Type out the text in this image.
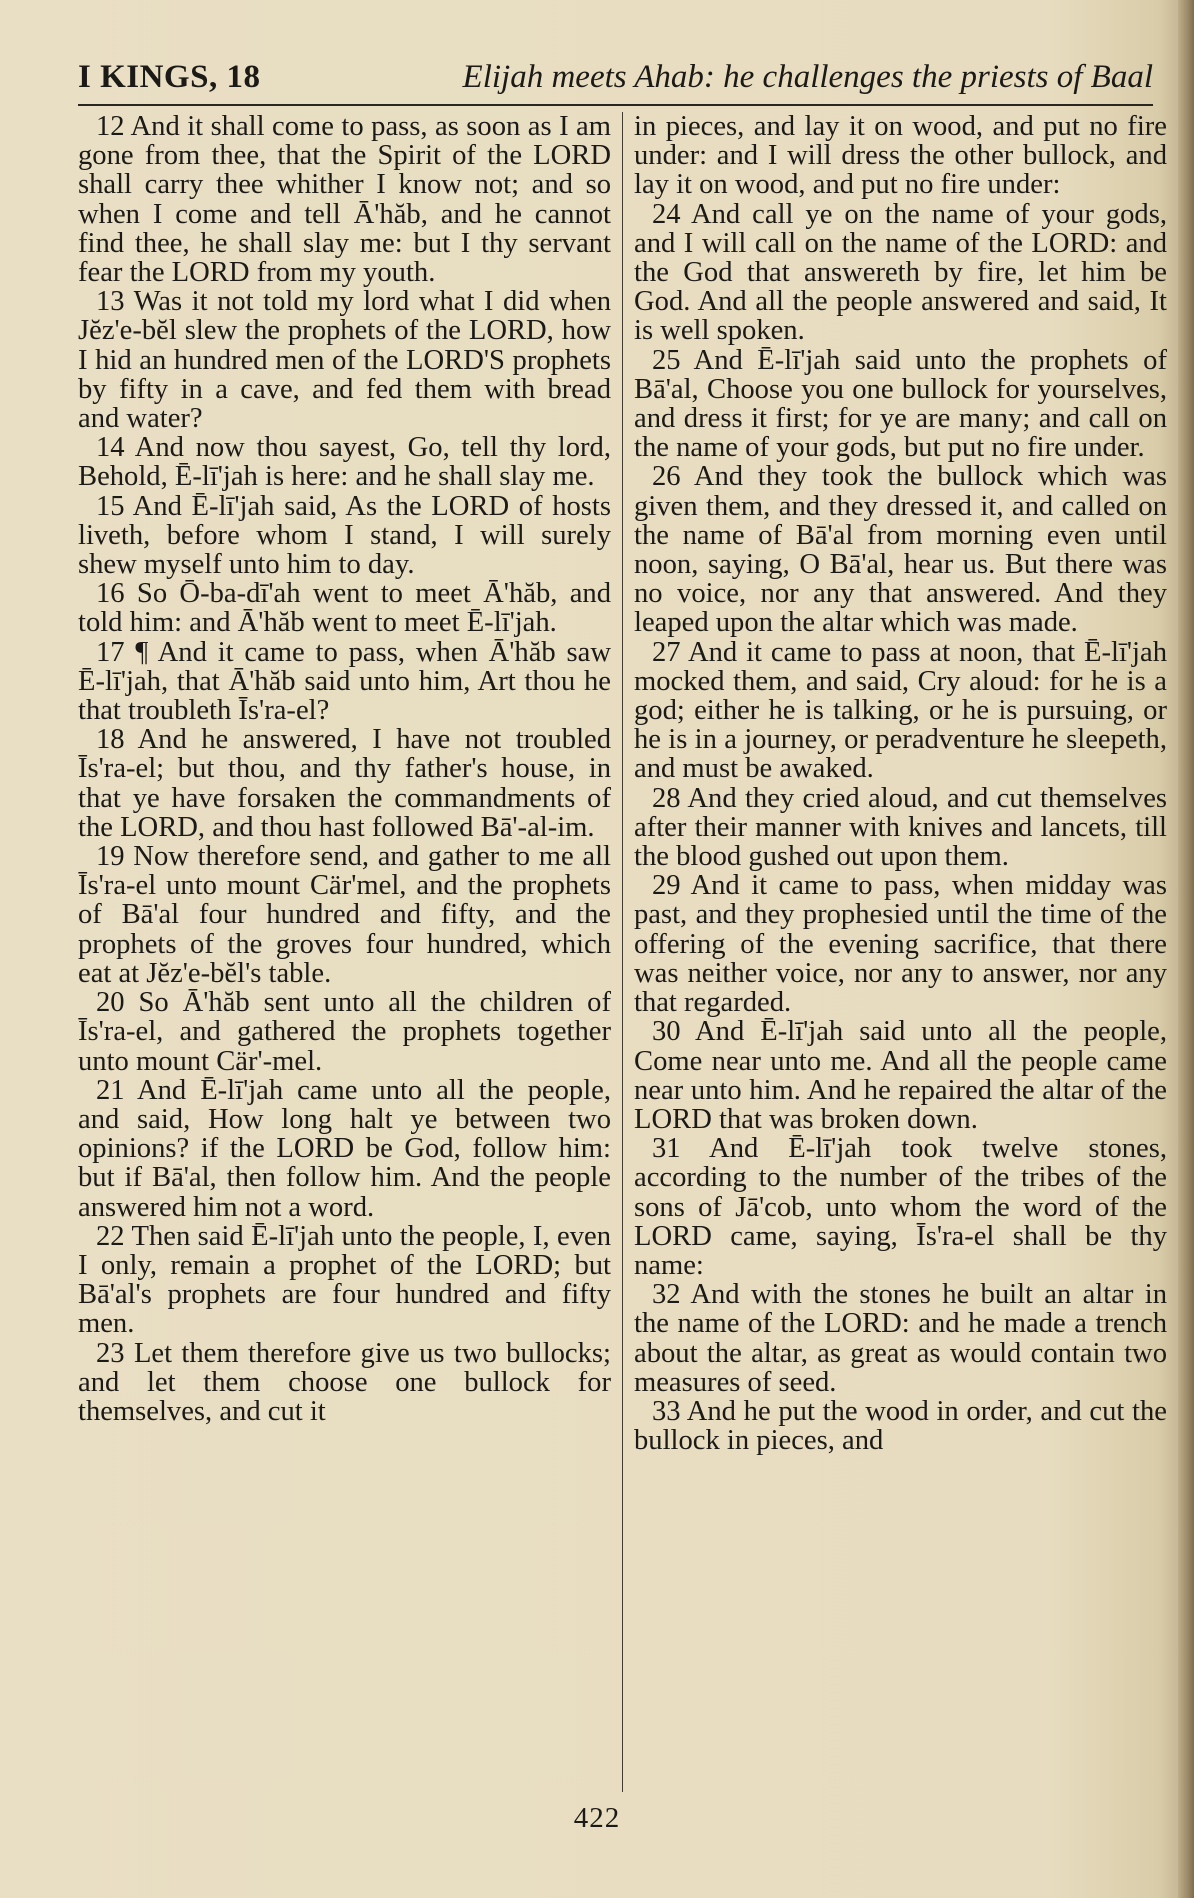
I KINGS, 18	Elijah meets Ahab: he challenges the priests of Baal

12 And it shall come to pass, as soon as I am gone from thee, that the Spirit of the LORD shall carry thee whither I know not; and so when I come and tell Ā'hăb, and he cannot find thee, he shall slay me: but I thy servant fear the LORD from my youth.

13 Was it not told my lord what I did when Jĕz'e-bĕl slew the prophets of the LORD, how I hid an hundred men of the LORD'S prophets by fifty in a cave, and fed them with bread and water?

14 And now thou sayest, Go, tell thy lord, Behold, Ē-lī'jah is here: and he shall slay me.

15 And Ē-lī'jah said, As the LORD of hosts liveth, before whom I stand, I will surely shew myself unto him to day.

16 So Ō-ba-dī'ah went to meet Ā'hăb, and told him: and Ā'hăb went to meet Ē-lī'jah.

17 ¶ And it came to pass, when Ā'hăb saw Ē-lī'jah, that Ā'hăb said unto him, Art thou he that troubleth Īs'ra-el?

18 And he answered, I have not troubled Īs'ra-el; but thou, and thy father's house, in that ye have forsaken the commandments of the LORD, and thou hast followed Bā'-al-im.

19 Now therefore send, and gather to me all Īs'ra-el unto mount Cär'mel, and the prophets of Bā'al four hundred and fifty, and the prophets of the groves four hundred, which eat at Jĕz'e-bĕl's table.

20 So Ā'hăb sent unto all the children of Īs'ra-el, and gathered the prophets together unto mount Cär'-mel.

21 And Ē-lī'jah came unto all the people, and said, How long halt ye between two opinions? if the LORD be God, follow him: but if Bā'al, then follow him. And the people answered him not a word.

22 Then said Ē-lī'jah unto the people, I, even I only, remain a prophet of the LORD; but Bā'al's prophets are four hundred and fifty men.

23 Let them therefore give us two bullocks; and let them choose one bullock for themselves, and cut it

in pieces, and lay it on wood, and put no fire under: and I will dress the other bullock, and lay it on wood, and put no fire under:

24 And call ye on the name of your gods, and I will call on the name of the LORD: and the God that answereth by fire, let him be God. And all the people answered and said, It is well spoken.

25 And Ē-lī'jah said unto the prophets of Bā'al, Choose you one bullock for yourselves, and dress it first; for ye are many; and call on the name of your gods, but put no fire under.

26 And they took the bullock which was given them, and they dressed it, and called on the name of Bā'al from morning even until noon, saying, O Bā'al, hear us. But there was no voice, nor any that answered. And they leaped upon the altar which was made.

27 And it came to pass at noon, that Ē-lī'jah mocked them, and said, Cry aloud: for he is a god; either he is talking, or he is pursuing, or he is in a journey, or peradventure he sleepeth, and must be awaked.

28 And they cried aloud, and cut themselves after their manner with knives and lancets, till the blood gushed out upon them.

29 And it came to pass, when midday was past, and they prophesied until the time of the offering of the evening sacrifice, that there was neither voice, nor any to answer, nor any that regarded.

30 And Ē-lī'jah said unto all the people, Come near unto me. And all the people came near unto him. And he repaired the altar of the LORD that was broken down.

31 And Ē-lī'jah took twelve stones, according to the number of the tribes of the sons of Jā'cob, unto whom the word of the LORD came, saying, Īs'ra-el shall be thy name:

32 And with the stones he built an altar in the name of the LORD: and he made a trench about the altar, as great as would contain two measures of seed.

33 And he put the wood in order, and cut the bullock in pieces, and

422
